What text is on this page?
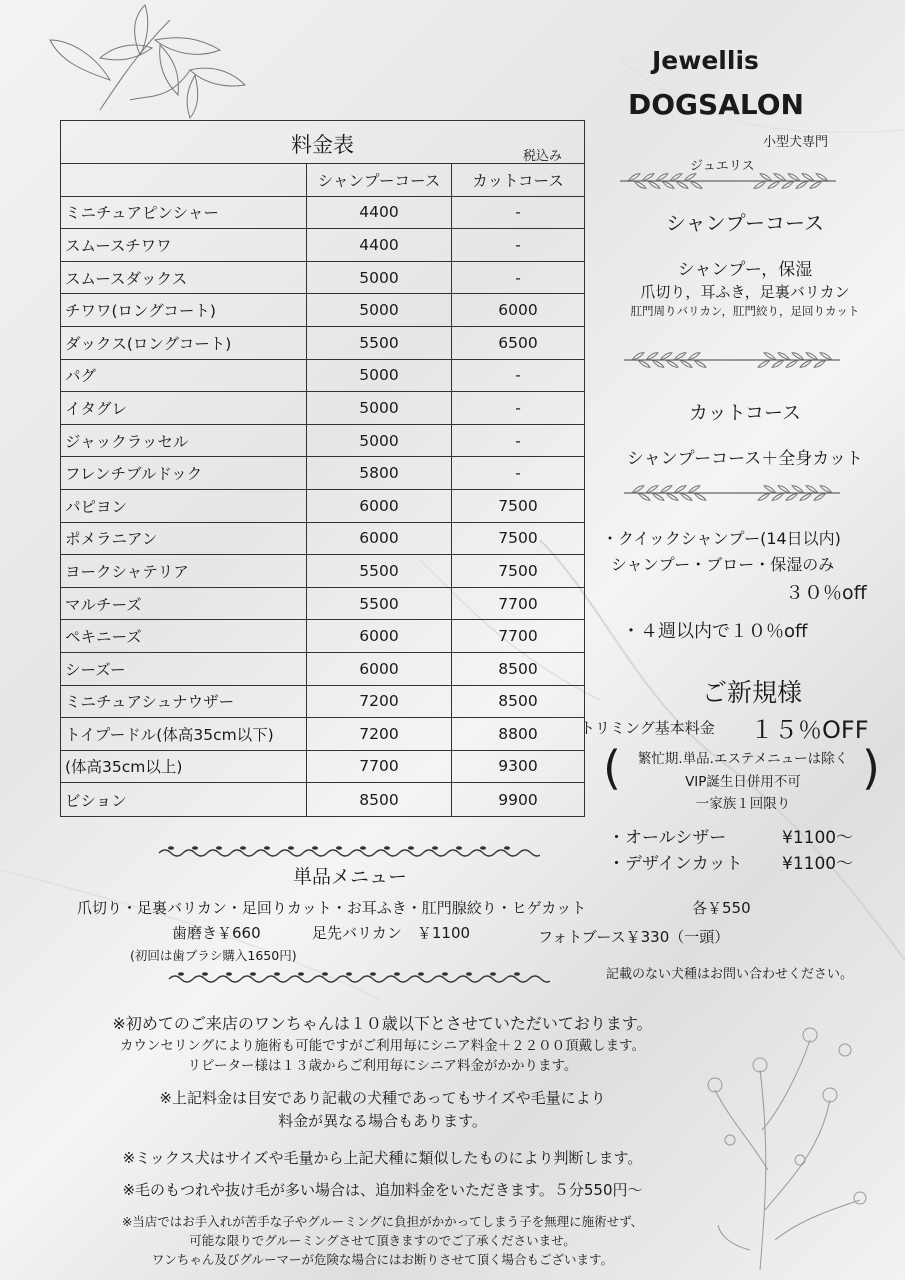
Jewellis
DOGSALON
小型犬専門
ジュエリス
料金表	税込み
シャンプーコース	カットコース
ミニチュアピンシャー	4400	-
スムースチワワ	4400	-
スムースダックス	5000	-
チワワ(ロングコート)	5000	6000
ダックス(ロングコート)	5500	6500
パグ	5000	-
イタグレ	5000	-
ジャックラッセル	5000	-
フレンチブルドック	5800	-
パピヨン	6000	7500
ポメラニアン	6000	7500
ヨークシャテリア	5500	7500
マルチーズ	5500	7700
ペキニーズ	6000	7700
シーズー	6000	8500
ミニチュアシュナウザー	7200	8500
トイプードル(体高35cm以下)	7200	8800
(体高35cm以上)	7700	9300
ビション	8500	9900
シャンプーコース
シャンプー，保湿
爪切り，耳ふき，足裏バリカン
肛門周りバリカン，肛門絞り，足回りカット
カットコース
シャンプーコース＋全身カット
・クイックシャンプー(14日以内)
シャンプー・ブロー・保湿のみ
３０％off
・４週以内で１０％off
ご新規様
トリミング基本料金 １５％OFF
(	)
繁忙期.単品.エステメニューは除く
VIP誕生日併用不可
一家族１回限り
・オールシザー	¥1100〜
・デザインカット ¥1100〜
単品メニュー
爪切り・足裏バリカン・足回りカット・お耳ふき・肛門腺絞り・ヒゲカット	各￥550
歯磨き￥660	足先バリカン　￥1100
(初回は歯ブラシ購入1650円)
フォトブース￥330（一頭）
記載のない犬種はお問い合わせください。
※初めてのご来店のワンちゃんは１０歳以下とさせていただいております。
カウンセリングにより施術も可能ですがご利用毎にシニア料金＋２２００頂戴します。
リピーター様は１３歳からご利用毎にシニア料金がかかります。
※上記料金は目安であり記載の犬種であってもサイズや毛量により
料金が異なる場合もあります。
※ミックス犬はサイズや毛量から上記犬種に類似したものにより判断します。
※毛のもつれや抜け毛が多い場合は、追加料金をいただきます。５分550円〜
※当店ではお手入れが苦手な子やグルーミングに負担がかかってしまう子を無理に施術せず、
可能な限りでグルーミングさせて頂きますのでご了承くださいませ。
ワンちゃん及びグルーマーが危険な場合にはお断りさせて頂く場合もございます。
